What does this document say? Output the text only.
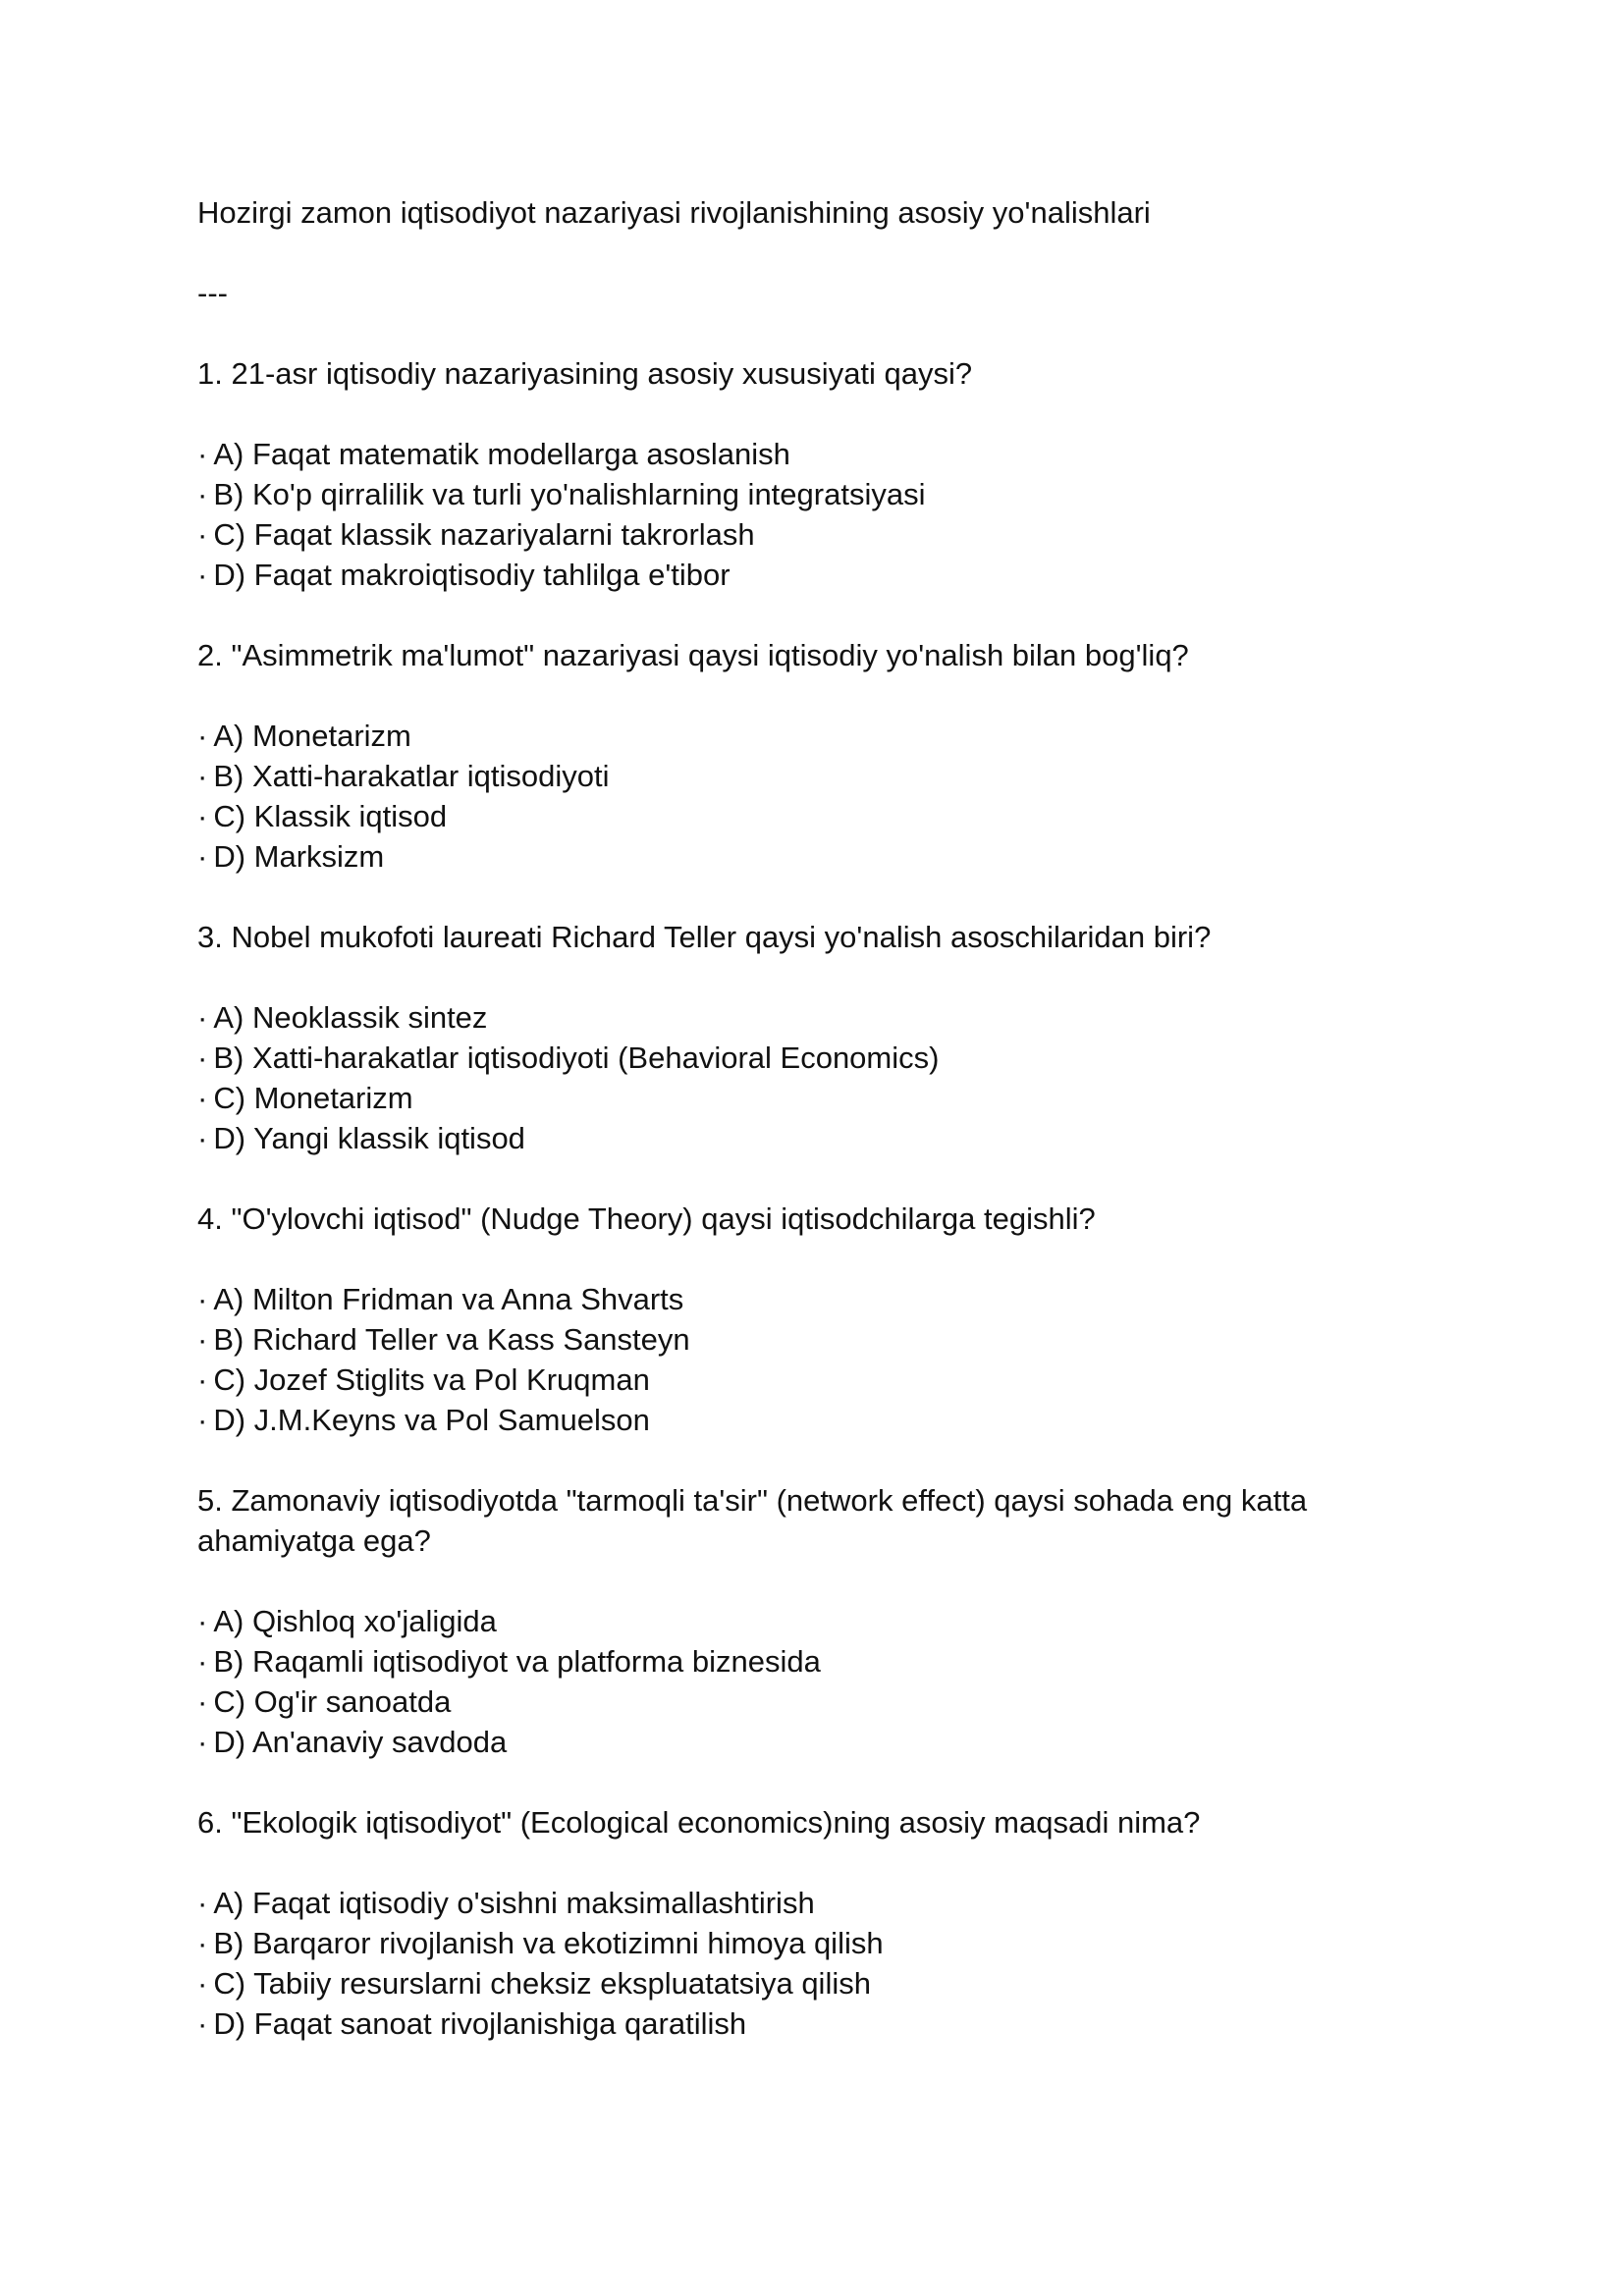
Hozirgi zamon iqtisodiyot nazariyasi rivojlanishining asosiy yo'nalishlari
---
1. 21-asr iqtisodiy nazariyasining asosiy xususiyati qaysi?
· A) Faqat matematik modellarga asoslanish
· B) Ko'p qirralilik va turli yo'nalishlarning integratsiyasi
· C) Faqat klassik nazariyalarni takrorlash
· D) Faqat makroiqtisodiy tahlilga e'tibor
2. "Asimmetrik ma'lumot" nazariyasi qaysi iqtisodiy yo'nalish bilan bog'liq?
· A) Monetarizm
· B) Xatti-harakatlar iqtisodiyoti
· C) Klassik iqtisod
· D) Marksizm
3. Nobel mukofoti laureati Richard Teller qaysi yo'nalish asoschilaridan biri?
· A) Neoklassik sintez
· B) Xatti-harakatlar iqtisodiyoti (Behavioral Economics)
· C) Monetarizm
· D) Yangi klassik iqtisod
4. "O'ylovchi iqtisod" (Nudge Theory) qaysi iqtisodchilarga tegishli?
· A) Milton Fridman va Anna Shvarts
· B) Richard Teller va Kass Sansteyn
· C) Jozef Stiglits va Pol Kruqman
· D) J.M.Keyns va Pol Samuelson
5. Zamonaviy iqtisodiyotda "tarmoqli ta'sir" (network effect) qaysi sohada eng katta
ahamiyatga ega?
· A) Qishloq xo'jaligida
· B) Raqamli iqtisodiyot va platforma biznesida
· C) Og'ir sanoatda
· D) An'anaviy savdoda
6. "Ekologik iqtisodiyot" (Ecological economics)ning asosiy maqsadi nima?
· A) Faqat iqtisodiy o'sishni maksimallashtirish
· B) Barqaror rivojlanish va ekotizimni himoya qilish
· C) Tabiiy resurslarni cheksiz ekspluatatsiya qilish
· D) Faqat sanoat rivojlanishiga qaratilish
